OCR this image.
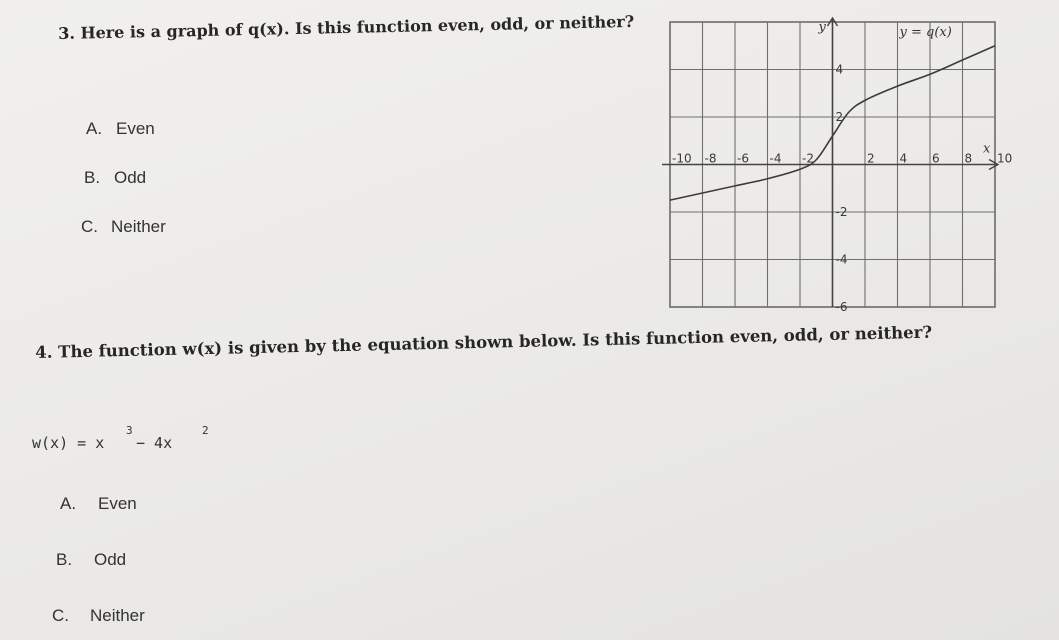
3. Here is a graph of q(x). Is this function even, odd, or neither?
A. Even
B. Odd
C. Neither
-10 -8 -6 -4 -2	2 4 6 8 10
4
2
-2
-4
-6
y
x
y = q(x)
4. The function w(x) is given by the equation shown below. Is this function even, odd, or neither?
w(x) = x
3
− 4x
2
A. Even
B. Odd
C. Neither
